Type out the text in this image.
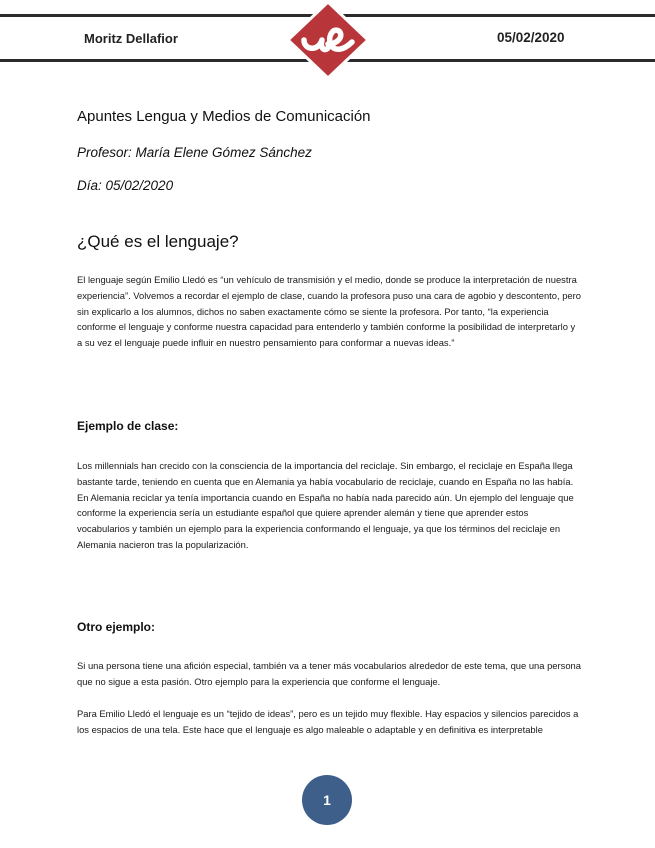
Moritz Dellafior	05/02/2020
Apuntes Lengua y Medios de Comunicación
Profesor: María Elene Gómez Sánchez
Día: 05/02/2020
¿Qué es el lenguaje?

El lenguaje según Emilio Lledó es “un vehículo de transmisión y el medio, donde se produce la interpretación de nuestra experiencia”. Volvemos a recordar el ejemplo de clase, cuando la profesora puso una cara de agobio y descontento, pero sin explicarlo a los alumnos, dichos no saben exactamente cómo se siente la profesora. Por tanto, “la experiencia conforme el lenguaje y conforme nuestra capacidad para entenderlo y también conforme la posibilidad de interpretarlo y a su vez el lenguaje puede influir en nuestro pensamiento para conformar a nuevas ideas.”

Ejemplo de clase:

Los millennials han crecido con la consciencia de la importancia del reciclaje. Sin embargo, el reciclaje en España llega bastante tarde, teniendo en cuenta que en Alemania ya había vocabulario de reciclaje, cuando en España no las había. En Alemania reciclar ya tenía importancia cuando en España no había nada parecido aún. Un ejemplo del lenguaje que conforme la experiencia sería un estudiante español que quiere aprender alemán y tiene que aprender estos vocabularios y también un ejemplo para la experiencia conformando el lenguaje, ya que los términos del reciclaje en Alemania nacieron tras la popularización.

Otro ejemplo:

Si una persona tiene una afición especial, también va a tener más vocabularios alrededor de este tema, que una persona que no sigue a esta pasión. Otro ejemplo para la experiencia que conforme el lenguaje.

Para Emilio Lledó el lenguaje es un “tejido de ideas”, pero es un tejido muy flexible. Hay espacios y silencios parecidos a los espacios de una tela. Este hace que el lenguaje es algo maleable o adaptable y en definitiva es interpretable

1
